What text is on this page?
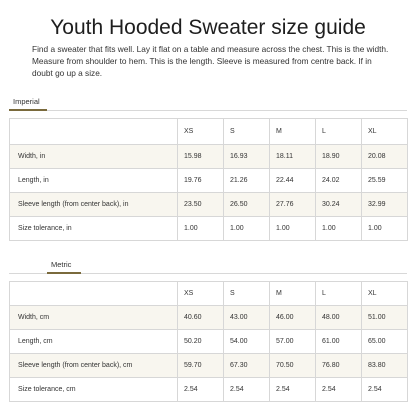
Youth Hooded Sweater size guide
Find a sweater that fits well. Lay it flat on a table and measure across the chest. This is the width. Measure from shoulder to hem. This is the length. Sleeve is measured from centre back. If in doubt go up a size.
Imperial
	XS	S	M	L	XL
Width, in	15.98	16.93	18.11	18.90	20.08
Length, in	19.76	21.26	22.44	24.02	25.59
Sleeve length (from center back), in	23.50	26.50	27.76	30.24	32.99
Size tolerance, in	1.00	1.00	1.00	1.00	1.00
Metric
	XS	S	M	L	XL
Width, cm	40.60	43.00	46.00	48.00	51.00
Length, cm	50.20	54.00	57.00	61.00	65.00
Sleeve length (from center back), cm	59.70	67.30	70.50	76.80	83.80
Size tolerance, cm	2.54	2.54	2.54	2.54	2.54
